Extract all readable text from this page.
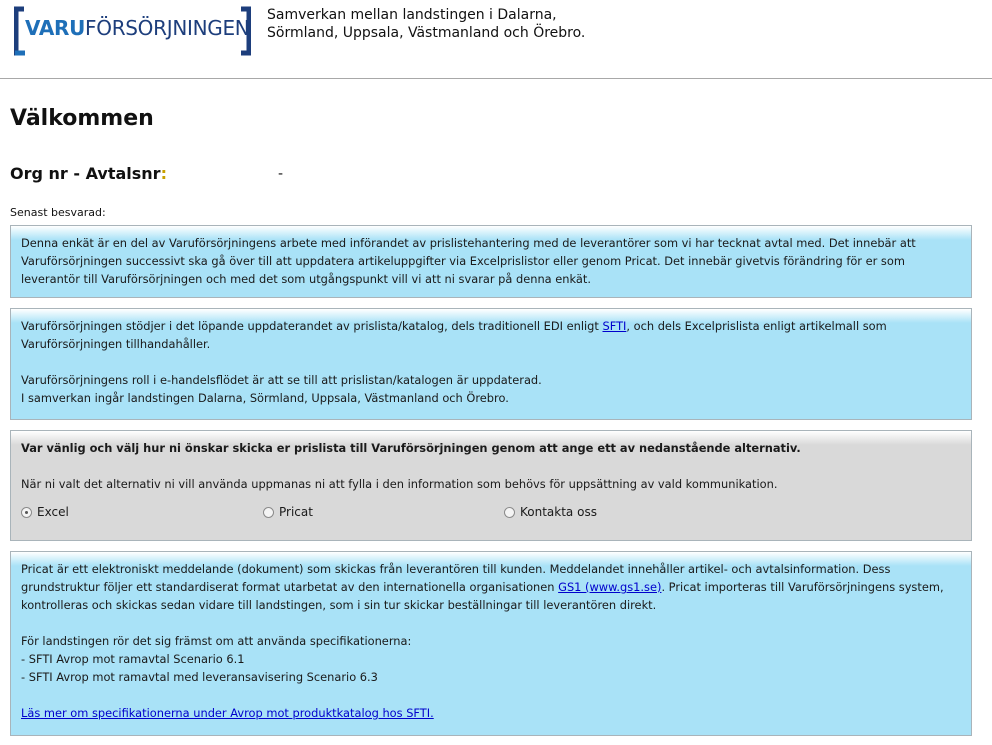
VARUFÖRSÖRJNINGEN
Samverkan mellan landstingen i Dalarna,
Sörmland, Uppsala, Västmanland och Örebro.
Välkommen
Org nr - Avtalsnr:	-
Senast besvarad:

Denna enkät är en del av Varuförsörjningens arbete med införandet av prislistehantering med de leverantörer som vi har tecknat avtal med. Det innebär att Varuförsörjningen successivt ska gå över till att uppdatera artikeluppgifter via Excelprislistor eller genom Pricat. Det innebär givetvis förändring för er som leverantör till Varuförsörjningen och med det som utgångspunkt vill vi att ni svarar på denna enkät.

Varuförsörjningen stödjer i det löpande uppdaterandet av prislista/katalog, dels traditionell EDI enligt SFTI, och dels Excelprislista enligt artikelmall som Varuförsörjningen tillhandahåller.

Varuförsörjningens roll i e-handelsflödet är att se till att prislistan/katalogen är uppdaterad.

I samverkan ingår landstingen Dalarna, Sörmland, Uppsala, Västmanland och Örebro.

Var vänlig och välj hur ni önskar skicka er prislista till Varuförsörjningen genom att ange ett av nedanstående alternativ.

När ni valt det alternativ ni vill använda uppmanas ni att fylla i den information som behövs för uppsättning av vald kommunikation.

Excel	Pricat	Kontakta oss

Pricat är ett elektroniskt meddelande (dokument) som skickas från leverantören till kunden. Meddelandet innehåller artikel- och avtalsinformation. Dess grundstruktur följer ett standardiserat format utarbetat av den internationella organisationen GS1 (www.gs1.se). Pricat importeras till Varuförsörjningens system, kontrolleras och skickas sedan vidare till landstingen, som i sin tur skickar beställningar till leverantören direkt.

För landstingen rör det sig främst om att använda specifikationerna:

- SFTI Avrop mot ramavtal Scenario 6.1

- SFTI Avrop mot ramavtal med leveransavisering Scenario 6.3

Läs mer om specifikationerna under Avrop mot produktkatalog hos SFTI.
